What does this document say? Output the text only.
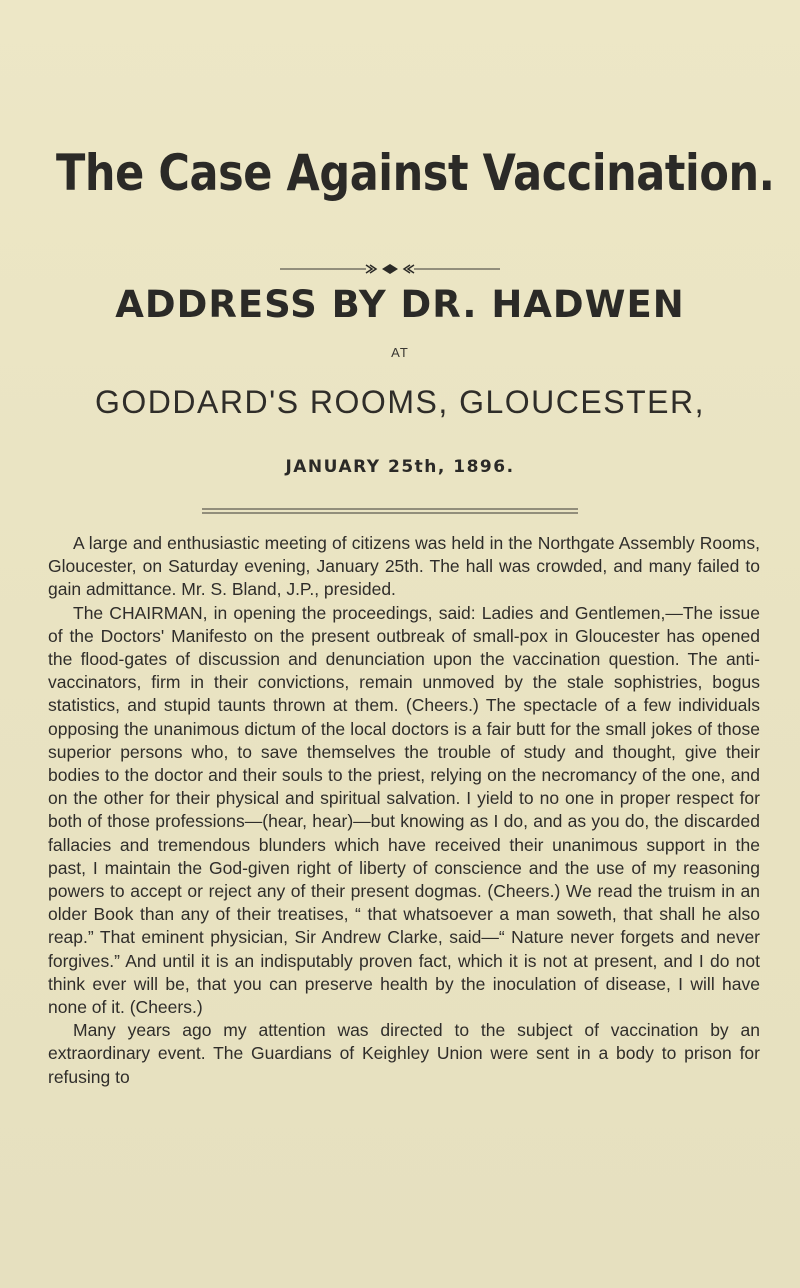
The Case Against Vaccination.
ADDRESS BY DR. HADWEN
AT
GODDARD'S ROOMS, GLOUCESTER,
JANUARY 25th, 1896.

A large and enthusiastic meeting of citizens was held in the Northgate Assembly Rooms, Gloucester, on Saturday evening, January 25th. The hall was crowded, and many failed to gain admittance. Mr. S. Bland, J.P., presided.

The CHAIRMAN, in opening the proceedings, said: Ladies and Gentlemen,—The issue of the Doctors' Manifesto on the present outbreak of small-pox in Gloucester has opened the flood-gates of discussion and denunciation upon the vaccination question. The anti-vaccinators, firm in their convictions, remain unmoved by the stale sophistries, bogus statistics, and stupid taunts thrown at them. (Cheers.) The spectacle of a few individuals opposing the unanimous dictum of the local doctors is a fair butt for the small jokes of those superior persons who, to save themselves the trouble of study and thought, give their bodies to the doctor and their souls to the priest, relying on the necromancy of the one, and on the other for their physical and spiritual salvation. I yield to no one in proper respect for both of those professions—(hear, hear)—but knowing as I do, and as you do, the discarded fallacies and tremendous blunders which have received their unanimous support in the past, I maintain the God-given right of liberty of conscience and the use of my reasoning powers to accept or reject any of their present dogmas. (Cheers.) We read the truism in an older Book than any of their treatises, “ that whatsoever a man soweth, that shall he also reap.” That eminent physician, Sir Andrew Clarke, said—“ Nature never forgets and never forgives.” And until it is an indisputably proven fact, which it is not at present, and I do not think ever will be, that you can preserve health by the inoculation of disease, I will have none of it. (Cheers.)

Many years ago my attention was directed to the subject of vaccination by an extraordinary event. The Guardians of Keighley Union were sent in a body to prison for refusing to
